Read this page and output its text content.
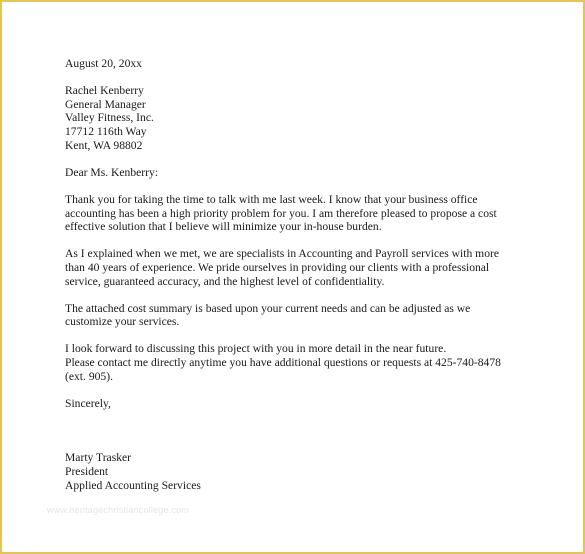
August 20, 20xx
Rachel Kenberry
General Manager
Valley Fitness, Inc.
17712 116th Way
Kent, WA 98802
Dear Ms. Kenberry:
Thank you for taking the time to talk with me last week. I know that your business office
accounting has been a high priority problem for you. I am therefore pleased to propose a cost
effective solution that I believe will minimize your in-house burden.
As I explained when we met, we are specialists in Accounting and Payroll services with more
than 40 years of experience. We pride ourselves in providing our clients with a professional
service, guaranteed accuracy, and the highest level of confidentiality.
The attached cost summary is based upon your current needs and can be adjusted as we
customize your services.
I look forward to discussing this project with you in more detail in the near future.
Please contact me directly anytime you have additional questions or requests at 425-740-8478
(ext. 905).
Sincerely,
Marty Trasker
President
Applied Accounting Services
www.heritagechristiancollege.com
